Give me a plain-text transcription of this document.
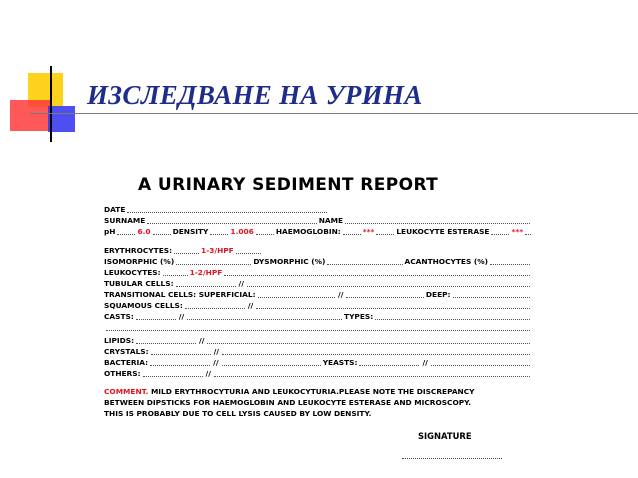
ИЗСЛЕДВАНЕ НА УРИНА
A URINARY SEDIMENT REPORT
DATE
SURNAME	NAME
pH	6.0	DENSITY	1.006	HAEMOGLOBIN:	***	LEUKOCYTE ESTERASE	***
ERYTHROCYTES:	1-3/HPF
ISOMORPHIC (%)	DYSMORPHIC (%)	ACANTHOCYTES (%)
LEUKOCYTES:	1-2/HPF
TUBULAR CELLS:	//
TRANSITIONAL CELLS: SUPERFICIAL:	//	DEEP:
SQUAMOUS CELLS:	//
CASTS:	//	TYPES:
LIPIDS:	//
CRYSTALS:	//
BACTERIA:	//	YEASTS:	//
OTHERS:	//
COMMENT. MILD ERYTHROCYTURIA AND LEUKOCYTURIA.PLEASE NOTE THE DISCREPANCY
BETWEEN DIPSTICKS FOR HAEMOGLOBIN AND LEUKOCYTE ESTERASE AND MICROSCOPY.
THIS IS PROBABLY DUE TO CELL LYSIS CAUSED BY LOW DENSITY.

SIGNATURE
